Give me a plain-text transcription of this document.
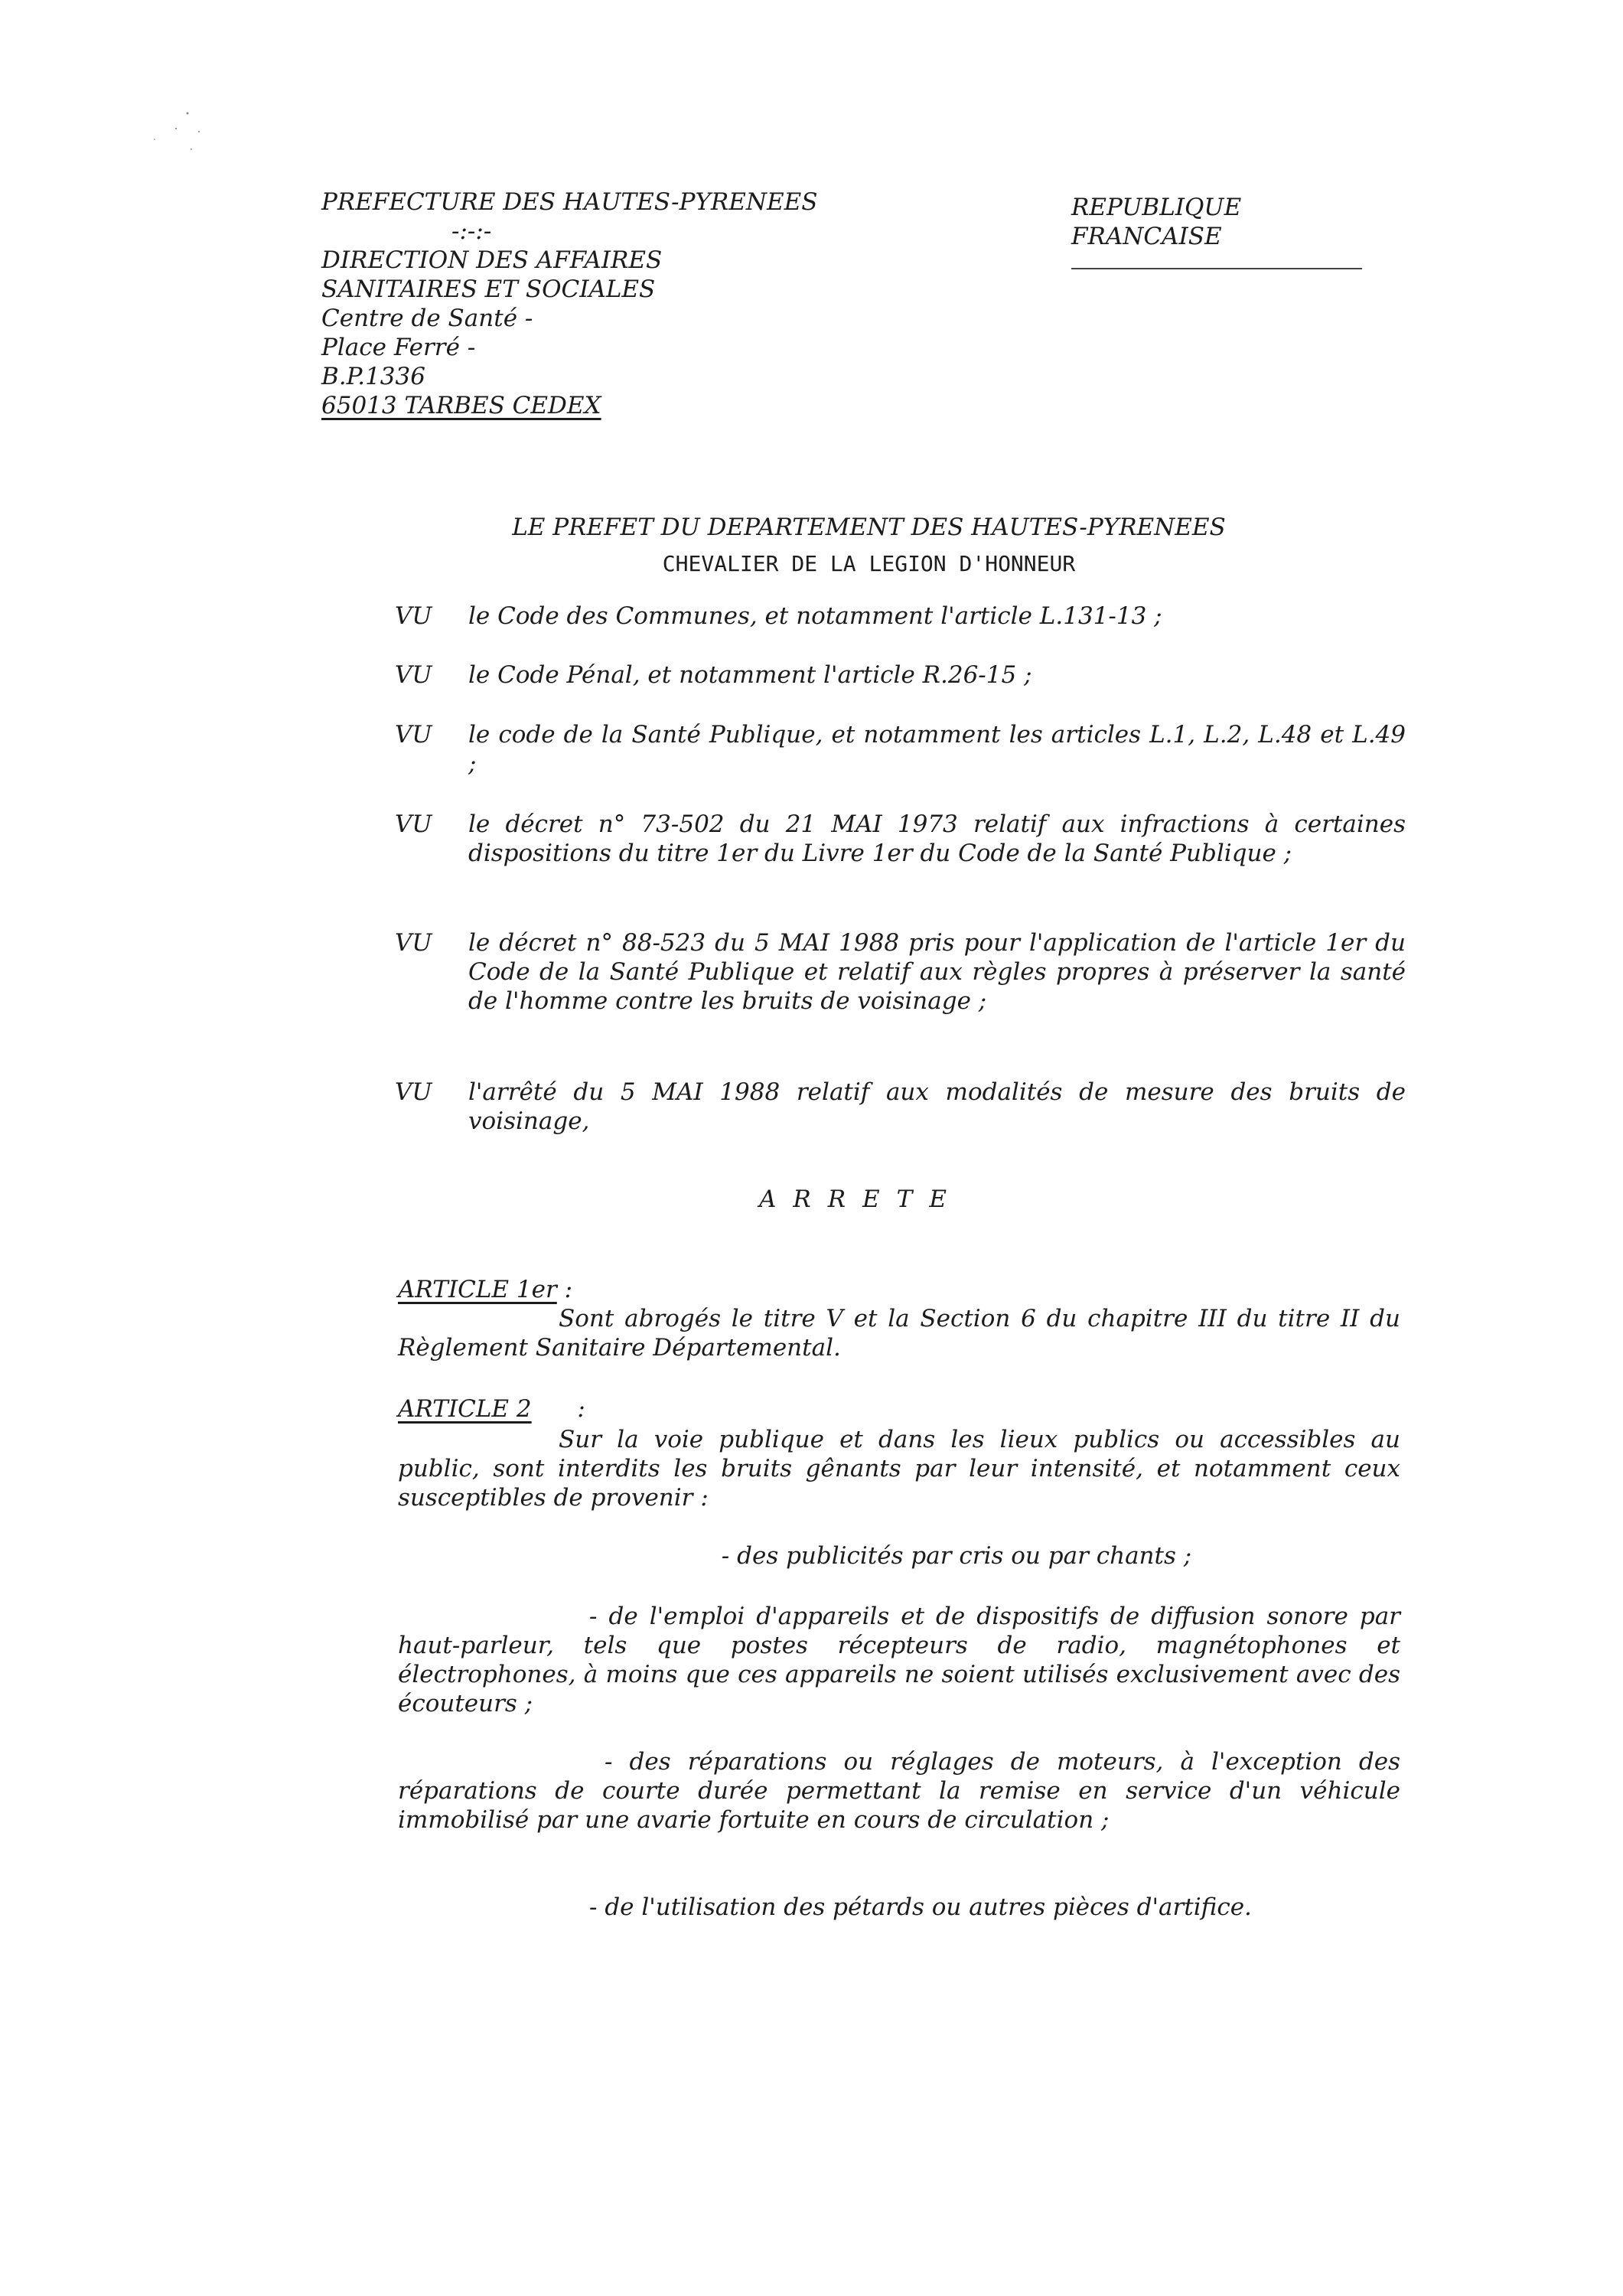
PREFECTURE DES HAUTES-PYRENEES
-:-:-
DIRECTION DES AFFAIRES
SANITAIRES ET SOCIALES
Centre de Santé -
Place Ferré -
B.P.1336
65013 TARBES CEDEX
REPUBLIQUE FRANCAISE
LE PREFET DU DEPARTEMENT DES HAUTES-PYRENEES
CHEVALIER DE LA LEGION D'HONNEUR
VU	le Code des Communes, et notamment l'article L.131-13 ;
VU	le Code Pénal, et notamment l'article R.26-15 ;
VU	le code de la Santé Publique, et notamment les articles L.1, L.2, L.48 et L.49 ;
VU	le décret n° 73-502 du 21 MAI 1973 relatif aux infractions à certaines dispositions du titre 1er du Livre 1er du Code de la Santé Publique ;
VU	le décret n° 88-523 du 5 MAI 1988 pris pour l'application de l'article 1er du Code de la Santé Publique et relatif aux règles propres à préserver la santé de l'homme contre les bruits de voisinage ;
VU	l'arrêté du 5 MAI 1988 relatif aux modalités de mesure des bruits de voisinage,
ARRETE
ARTICLE 1er :
Sont abrogés le titre V et la Section 6 du chapitre III du titre II du Règlement Sanitaire Départemental.
ARTICLE 2 :
Sur la voie publique et dans les lieux publics ou accessibles au public, sont interdits les bruits gênants par leur intensité, et notamment ceux susceptibles de provenir :
- des publicités par cris ou par chants ;
- de l'emploi d'appareils et de dispositifs de diffusion sonore par haut-parleur, tels que postes récepteurs de radio, magnétophones et électrophones, à moins que ces appareils ne soient utilisés exclusivement avec des écouteurs ;
- des réparations ou réglages de moteurs, à l'exception des réparations de courte durée permettant la remise en service d'un véhicule immobilisé par une avarie fortuite en cours de circulation ;
- de l'utilisation des pétards ou autres pièces d'artifice.
